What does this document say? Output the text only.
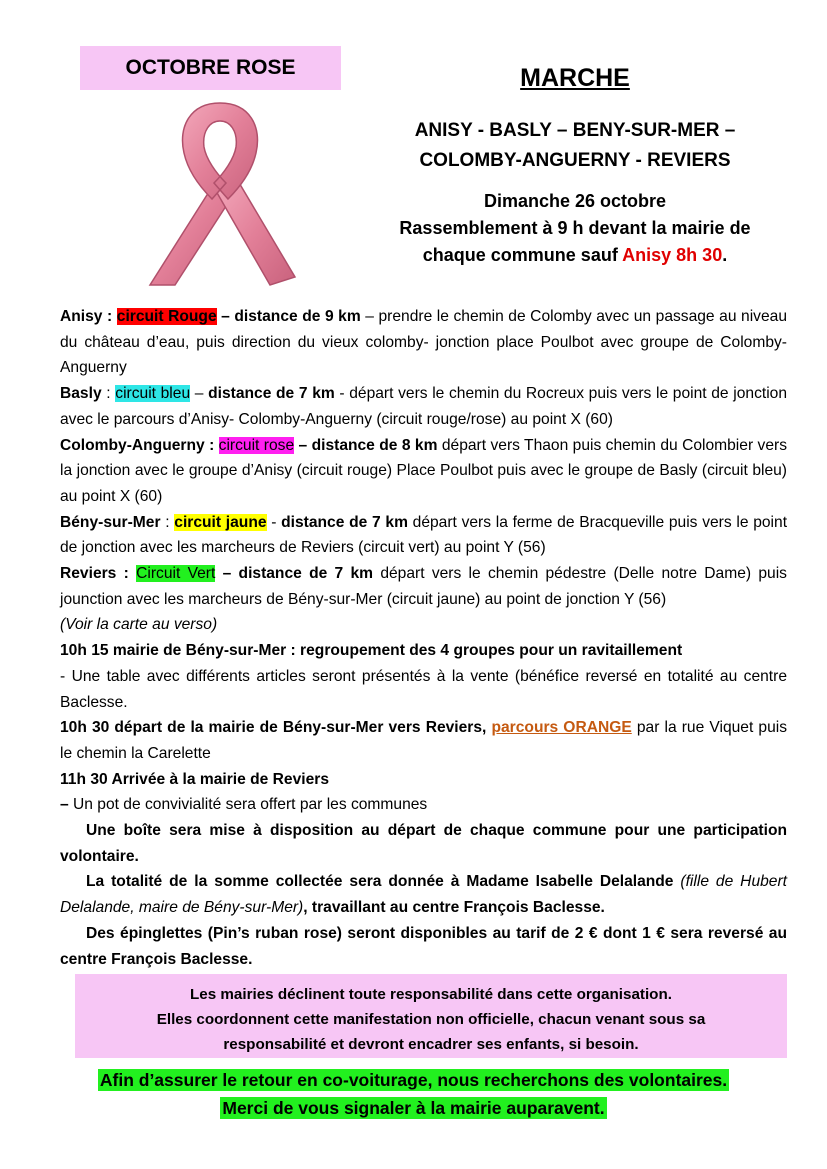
OCTOBRE ROSE	MARCHE
ANISY - BASLY – BENY-SUR-MER –
COLOMBY-ANGUERNY - REVIERS
Dimanche 26 octobre
Rassemblement à 9 h devant la mairie de
chaque commune sauf Anisy 8h 30.

Anisy : circuit Rouge – distance de 9 km – prendre le chemin de Colomby avec un passage au niveau du château d’eau, puis direction du vieux colomby- jonction place Poulbot avec groupe de Colomby-Anguerny

Basly : circuit bleu – distance de 7 km - départ vers le chemin du Rocreux puis vers le point de jonction avec le parcours d’Anisy- Colomby-Anguerny (circuit rouge/rose) au point X (60)

Colomby-Anguerny : circuit rose – distance de 8 km départ vers Thaon puis chemin du Colombier vers la jonction avec le groupe d’Anisy (circuit rouge) Place Poulbot puis avec le groupe de Basly (circuit bleu) au point X (60)

Bény-sur-Mer : circuit jaune - distance de 7 km départ vers la ferme de Bracqueville puis vers le point de jonction avec les marcheurs de Reviers (circuit vert) au point Y (56)

Reviers : Circuit Vert – distance de 7 km départ vers le chemin pédestre (Delle notre Dame) puis jounction avec les marcheurs de Bény-sur-Mer (circuit jaune) au point de jonction Y (56)

(Voir la carte au verso)

10h 15 mairie de Bény-sur-Mer : regroupement des 4 groupes pour un ravitaillement

- Une table avec différents articles seront présentés à la vente (bénéfice reversé en totalité au centre Baclesse.

10h 30 départ de la mairie de Bény-sur-Mer vers Reviers, parcours ORANGE par la rue Viquet puis le chemin la Carelette

11h 30 Arrivée à la mairie de Reviers

– Un pot de convivialité sera offert par les communes

Une boîte sera mise à disposition au départ de chaque commune pour une participation volontaire.

La totalité de la somme collectée sera donnée à Madame Isabelle Delalande (fille de Hubert Delalande, maire de Bény-sur-Mer), travaillant au centre François Baclesse.

Des épinglettes (Pin’s ruban rose) seront disponibles au tarif de 2 € dont 1 € sera reversé au centre François Baclesse.

Les mairies déclinent toute responsabilité dans cette organisation.
Elles coordonnent cette manifestation non officielle, chacun venant sous sa
responsabilité et devront encadrer ses enfants, si besoin.
Afin d’assurer le retour en co-voiturage, nous recherchons des volontaires.
Merci de vous signaler à la mairie auparavent.
